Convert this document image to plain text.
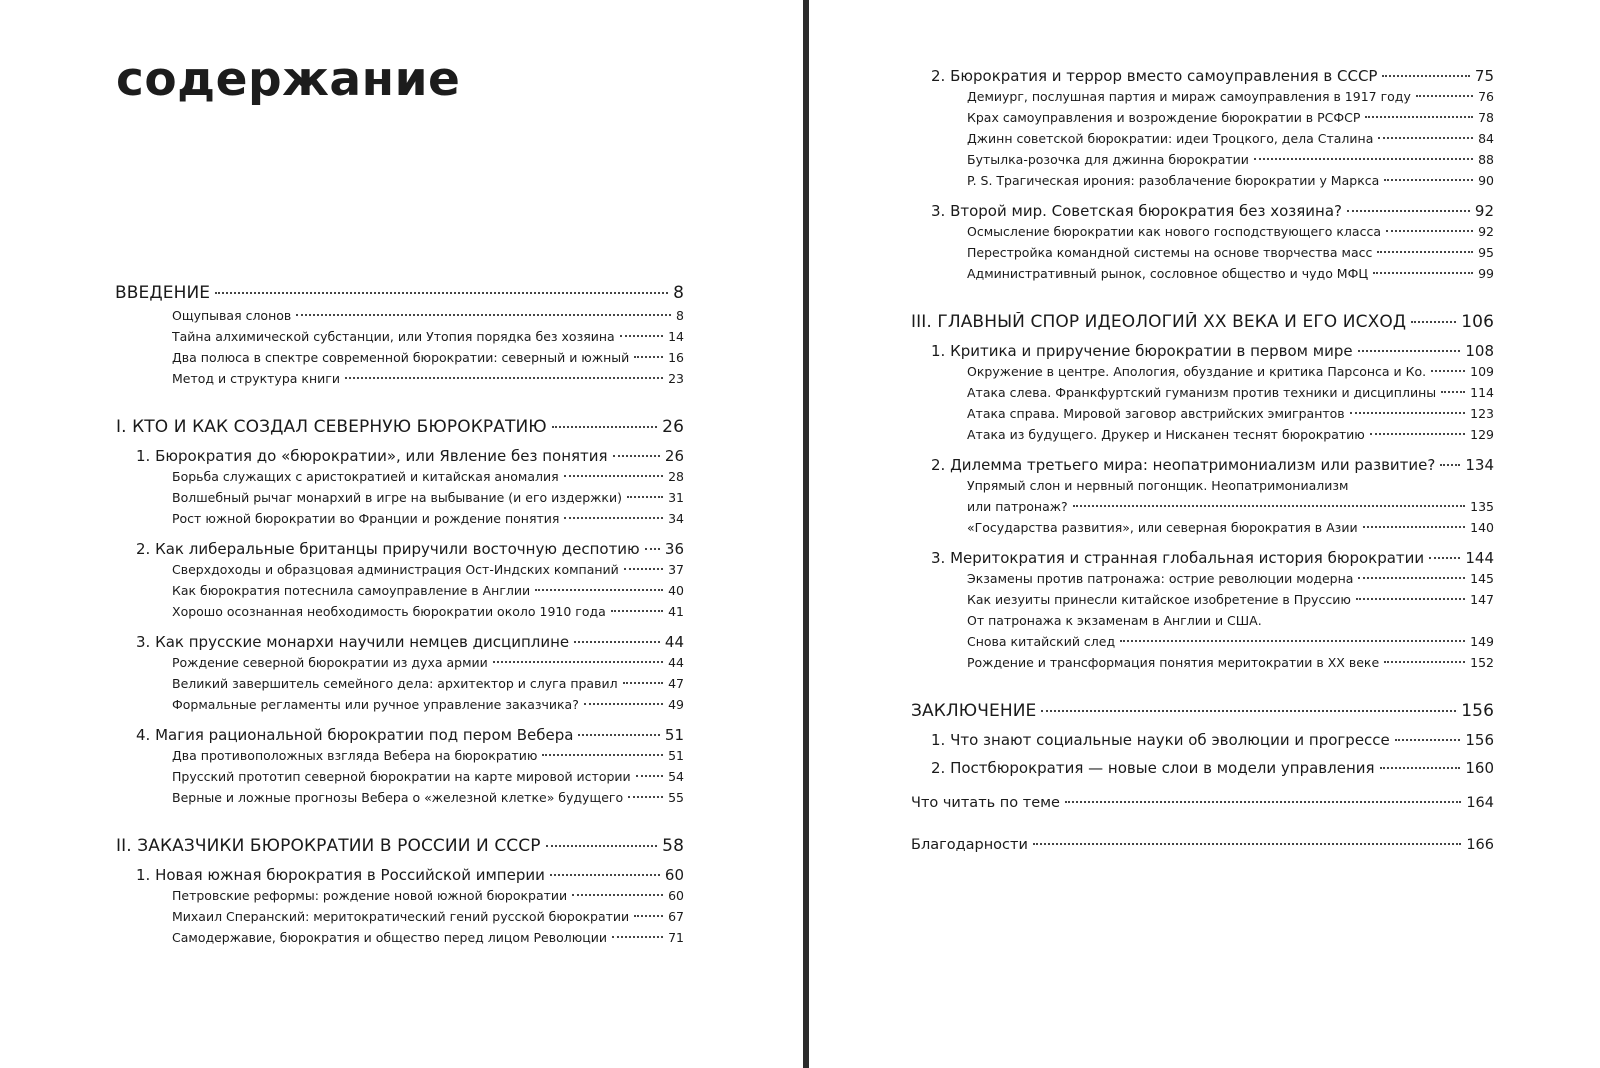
содержание
ВВЕДЕНИЕ	8
Ощупывая слонов	8
Тайна алхимической субстанции, или Утопия порядка без хозяина	14
Два полюса в спектре современной бюрократии: северный и южный	16
Метод и структура книги	23
I. КТО И КАК СОЗДАЛ СЕВЕРНУЮ БЮРОКРАТИЮ	26
1. Бюрократия до «бюрократии», или Явление без понятия	26
Борьба служащих с аристократией и китайская аномалия	28
Волшебный рычаг монархий в игре на выбывание (и его издержки)	31
Рост южной бюрократии во Франции и рождение понятия	34
2. Как либеральные британцы приручили восточную деспотию 36
Сверхдоходы и образцовая администрация Ост-Индских компаний	37
Как бюрократия потеснила самоуправление в Англии	40
Хорошо осознанная необходимость бюрократии около 1910 года	41
3. Как прусские монархи научили немцев дисциплине	44
Рождение северной бюрократии из духа армии	44
Великий завершитель семейного дела: архитектор и слуга правил	47
Формальные регламенты или ручное управление заказчика?	49
4. Магия рациональной бюрократии под пером Вебера	51
Два противоположных взгляда Вебера на бюрократию	51
Прусский прототип северной бюрократии на карте мировой истории	54
Верные и ложные прогнозы Вебера о «железной клетке» будущего	55
II. ЗАКАЗЧИКИ БЮРОКРАТИИ В РОССИИ И СССР	58
1. Новая южная бюрократия в Российской империи	60
Петровские реформы: рождение новой южной бюрократии	60
Михаил Сперанский: меритократический гений русской бюрократии	67
Самодержавие, бюрократия и общество перед лицом Революции	71
2. Бюрократия и террор вместо самоуправления в СССР	75
Демиург, послушная партия и мираж самоуправления в 1917 году	76
Крах самоуправления и возрождение бюрократии в РСФСР	78
Джинн советской бюрократии: идеи Троцкого, дела Сталина	84
Бутылка-розочка для джинна бюрократии	88
P. S. Трагическая ирония: разоблачение бюрократии у Маркса	90
3. Второй мир. Советская бюрократия без хозяина?	92
Осмысление бюрократии как нового господствующего класса	92
Перестройка командной системы на основе творчества масс	95
Административный рынок, сословное общество и чудо МФЦ	99
III. ГЛАВНЫЙ СПОР ИДЕОЛОГИЙ XX ВЕКА И ЕГО ИСХОД	106
1. Критика и приручение бюрократии в первом мире	108
Окружение в центре. Апология, обуздание и критика Парсонса и Ко.	109
Атака слева. Франкфуртский гуманизм против техники и дисциплины	114
Атака справа. Мировой заговор австрийских эмигрантов	123
Атака из будущего. Друкер и Нисканен теснят бюрократию	129
2. Дилемма третьего мира: неопатримониализм или развитие? 134
Упрямый слон и нервный погонщик. Неопатримониализм
или патронаж?	135
«Государства развития», или северная бюрократия в Азии	140
3. Меритократия и странная глобальная история бюрократии	144
Экзамены против патронажа: острие революции модерна	145
Как иезуиты принесли китайское изобретение в Пруссию	147
От патронажа к экзаменам в Англии и США.
Снова китайский след	149
Рождение и трансформация понятия меритократии в XX веке	152
ЗАКЛЮЧЕНИЕ	156
1. Что знают социальные науки об эволюции и прогрессе	156
2. Постбюрократия — новые слои в модели управления	160
Что читать по теме	164
Благодарности	166
